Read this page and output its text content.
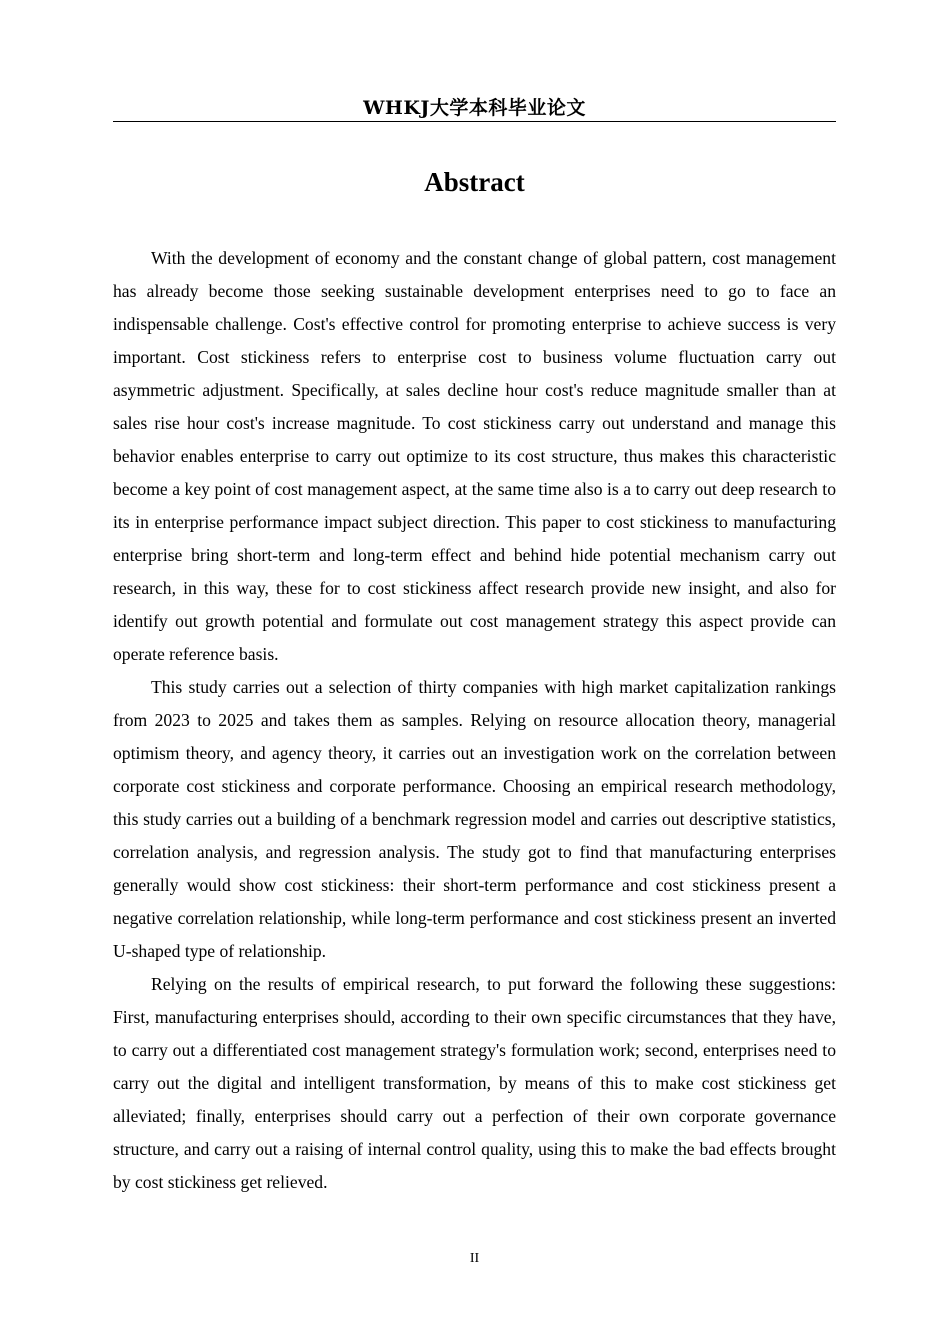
WHKJ大学本科毕业论文
Abstract

With the development of economy and the constant change of global pattern, cost management has already become those seeking sustainable development enterprises need to go to face an indispensable challenge. Cost's effective control for promoting enterprise to achieve success is very important. Cost stickiness refers to enterprise cost to business volume fluctuation carry out asymmetric adjustment. Specifically, at sales decline hour cost's reduce magnitude smaller than at sales rise hour cost's increase magnitude. To cost stickiness carry out understand and manage this behavior enables enterprise to carry out optimize to its cost structure, thus makes this characteristic become a key point of cost management aspect, at the same time also is a to carry out deep research to its in enterprise performance impact subject direction. This paper to cost stickiness to manufacturing enterprise bring short-term and long-term effect and behind hide potential mechanism carry out research, in this way, these for to cost stickiness affect research provide new insight, and also for identify out growth potential and formulate out cost management strategy this aspect provide can operate reference basis.

This study carries out a selection of thirty companies with high market capitalization rankings from 2023 to 2025 and takes them as samples. Relying on resource allocation theory, managerial optimism theory, and agency theory, it carries out an investigation work on the correlation between corporate cost stickiness and corporate performance. Choosing an empirical research methodology, this study carries out a building of a benchmark regression model and carries out descriptive statistics, correlation analysis, and regression analysis. The study got to find that manufacturing enterprises generally would show cost stickiness: their short-term performance and cost stickiness present a negative correlation relationship, while long-term performance and cost stickiness present an inverted U-shaped type of relationship.

Relying on the results of empirical research, to put forward the following these suggestions: First, manufacturing enterprises should, according to their own specific circumstances that they have, to carry out a differentiated cost management strategy's formulation work; second, enterprises need to carry out the digital and intelligent transformation, by means of this to make cost stickiness get alleviated; finally, enterprises should carry out a perfection of their own corporate governance structure, and carry out a raising of internal control quality, using this to make the bad effects brought by cost stickiness get relieved.

II
